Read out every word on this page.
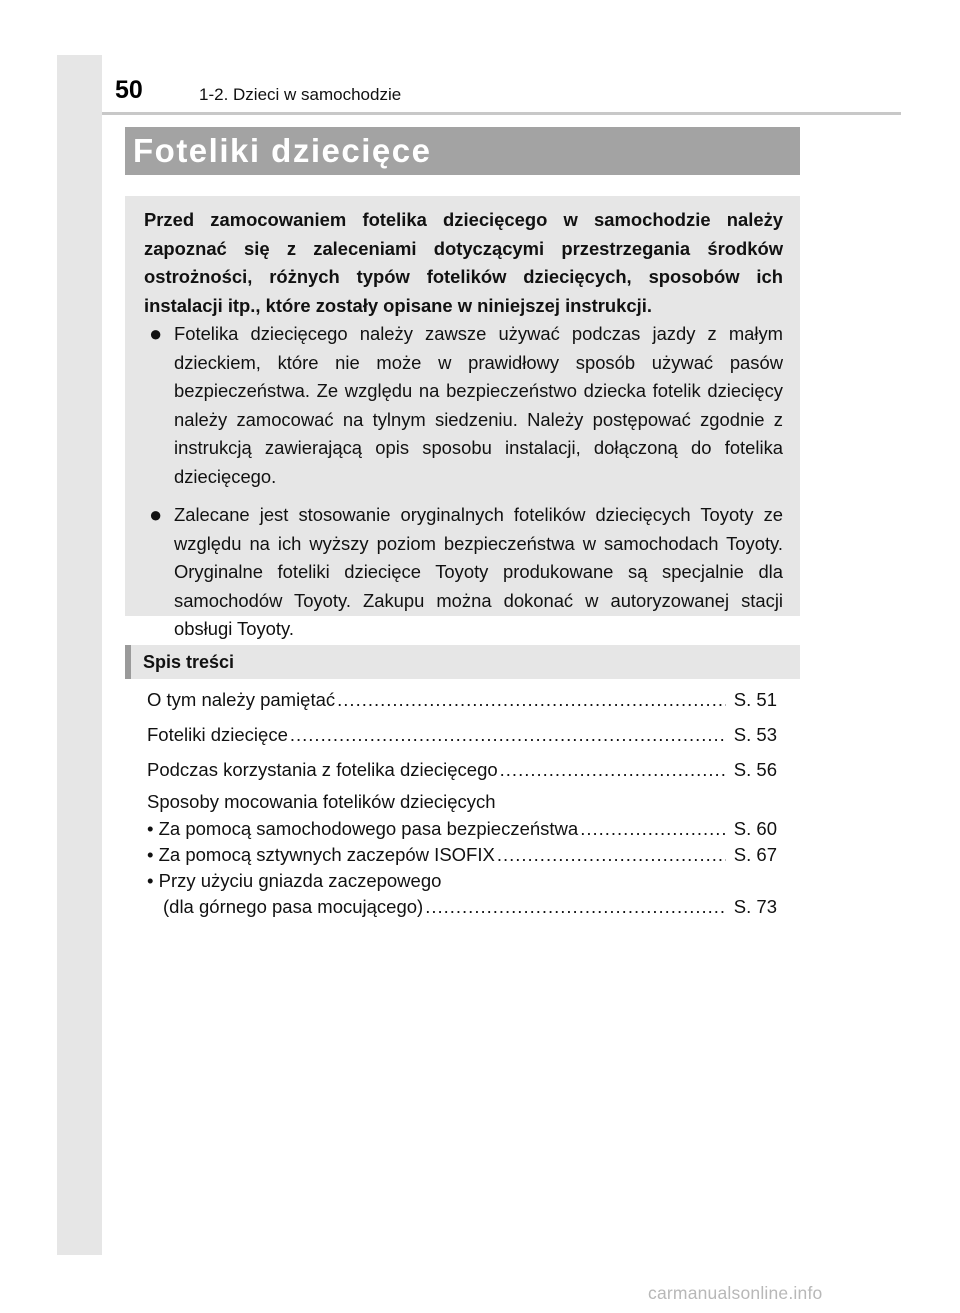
50	1-2. Dzieci w samochodzie
Foteliki dziecięce

Przed zamocowaniem fotelika dziecięcego w samochodzie należy zapoznać się z zaleceniami dotyczącymi przestrzegania środków ostrożności, różnych typów fotelików dziecięcych, sposobów ich instalacji itp., które zostały opisane w niniejszej instrukcji.

● Fotelika dziecięcego należy zawsze używać podczas jazdy z małym dzieckiem, które nie może w prawidłowy sposób używać pasów bezpieczeństwa. Ze względu na bezpieczeństwo dziecka fotelik dziecięcy należy zamocować na tylnym siedzeniu. Należy postępować zgodnie z instrukcją zawierającą opis sposobu instalacji, dołączoną do fotelika dziecięcego.
● Zalecane jest stosowanie oryginalnych fotelików dziecięcych Toyoty ze względu na ich wyższy poziom bezpieczeństwa w samochodach Toyoty. Oryginalne foteliki dziecięce Toyoty produkowane są specjalnie dla samochodów Toyoty. Zakupu można dokonać w autoryzowanej stacji obsługi Toyoty.
Spis treści
O tym należy pamiętać .....	S. 51
Foteliki dziecięce .....	S. 53
Podczas korzystania z fotelika dziecięcego .....	S. 56
Sposoby mocowania fotelików dziecięcych
• Za pomocą samochodowego pasa bezpieczeństwa .....	S. 60
• Za pomocą sztywnych zaczepów ISOFIX .....	S. 67
• Przy użyciu gniazda zaczepowego
(dla górnego pasa mocującego) .....	S. 73
carmanualsonline.info
